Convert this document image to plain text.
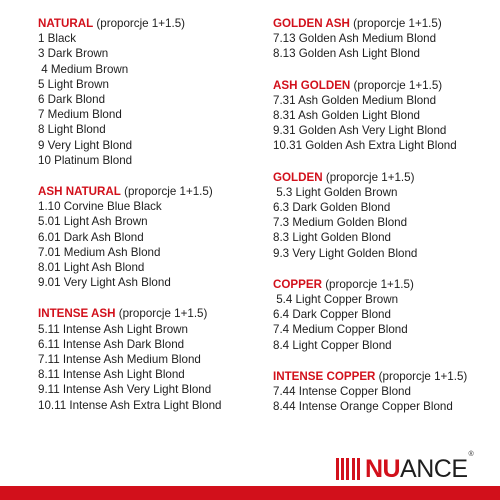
NATURAL (proporcje 1+1.5)
1 Black
3 Dark Brown
4 Medium Brown
5 Light Brown
6 Dark Blond
7 Medium Blond
8 Light Blond
9 Very Light Blond
10 Platinum Blond
ASH NATURAL (proporcje 1+1.5)
1.10 Corvine Blue Black
5.01 Light Ash Brown
6.01 Dark Ash Blond
7.01 Medium Ash Blond
8.01 Light Ash Blond
9.01 Very Light Ash Blond
INTENSE ASH (proporcje 1+1.5)
5.11 Intense Ash Light Brown
6.11 Intense Ash Dark Blond
7.11 Intense Ash Medium Blond
8.11 Intense Ash Light Blond
9.11 Intense Ash Very Light Blond
10.11 Intense Ash Extra Light Blond
GOLDEN ASH (proporcje 1+1.5)
7.13 Golden Ash Medium Blond
8.13 Golden Ash Light Blond
ASH GOLDEN (proporcje 1+1.5)
7.31 Ash Golden Medium Blond
8.31 Ash Golden Light Blond
9.31 Golden Ash Very Light Blond
10.31 Golden Ash Extra Light Blond
GOLDEN (proporcje 1+1.5)
5.3 Light Golden Brown
6.3 Dark Golden Blond
7.3 Medium Golden Blond
8.3 Light Golden Blond
9.3 Very Light Golden Blond
COPPER (proporcje 1+1.5)
5.4 Light Copper Brown
6.4 Dark Copper Blond
7.4 Medium Copper Blond
8.4 Light Copper Blond
INTENSE COPPER (proporcje 1+1.5)
7.44 Intense Copper Blond
8.44 Intense Orange Copper Blond
NUANCE
®
